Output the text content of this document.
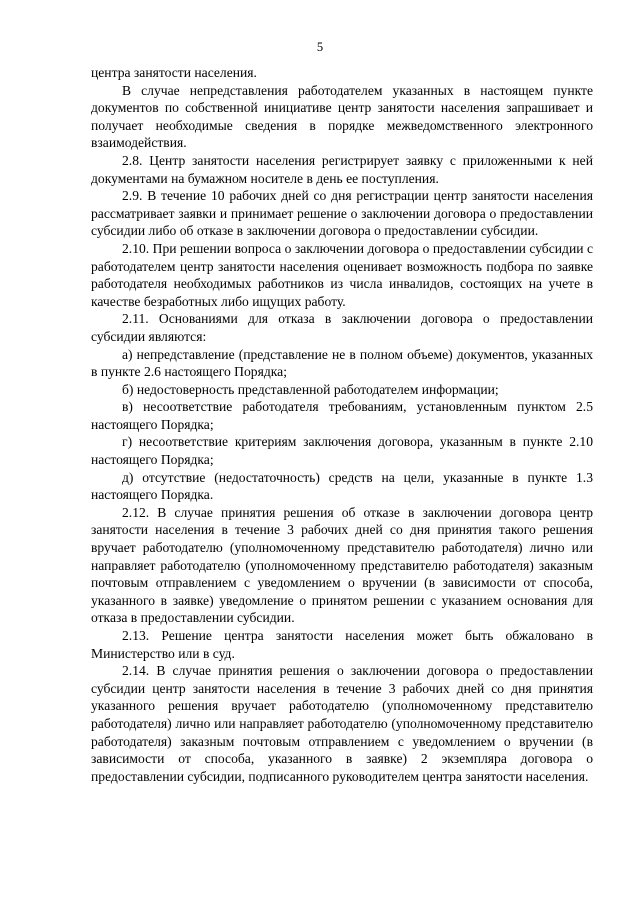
5

центра занятости населения.

В случае непредставления работодателем указанных в настоящем пункте документов по собственной инициативе центр занятости населения запрашивает и получает необходимые сведения в порядке межведомственного электронного взаимодействия.

2.8. Центр занятости населения регистрирует заявку с приложенными к ней документами на бумажном носителе в день ее поступления.

2.9. В течение 10 рабочих дней со дня регистрации центр занятости населения рассматривает заявки и принимает решение о заключении договора о предоставлении субсидии либо об отказе в заключении договора о предоставлении субсидии.

2.10. При решении вопроса о заключении договора о предоставлении субсидии с работодателем центр занятости населения оценивает возможность подбора по заявке работодателя необходимых работников из числа инвалидов, состоящих на учете в качестве безработных либо ищущих работу.

2.11. Основаниями для отказа в заключении договора о предоставлении субсидии являются:

а) непредставление (представление не в полном объеме) документов, указанных в пункте 2.6 настоящего Порядка;

б) недостоверность представленной работодателем информации;

в) несоответствие работодателя требованиям, установленным пунктом 2.5 настоящего Порядка;

г) несоответствие критериям заключения договора, указанным в пункте 2.10 настоящего Порядка;

д) отсутствие (недостаточность) средств на цели, указанные в пункте 1.3 настоящего Порядка.

2.12. В случае принятия решения об отказе в заключении договора центр занятости населения в течение 3 рабочих дней со дня принятия такого решения вручает работодателю (уполномоченному представителю работодателя) лично или направляет работодателю (уполномоченному представителю работодателя) заказным почтовым отправлением с уведомлением о вручении (в зависимости от способа, указанного в заявке) уведомление о принятом решении с указанием основания для отказа в предоставлении субсидии.

2.13. Решение центра занятости населения может быть обжаловано в Министерство или в суд.

2.14. В случае принятия решения о заключении договора о предоставлении субсидии центр занятости населения в течение 3 рабочих дней со дня принятия указанного решения вручает работодателю (уполномоченному представителю работодателя) лично или направляет работодателю (уполномоченному представителю работодателя) заказным почтовым отправлением с уведомлением о вручении (в зависимости от способа, указанного в заявке) 2 экземпляра договора о предоставлении субсидии, подписанного руководителем центра занятости населения.
